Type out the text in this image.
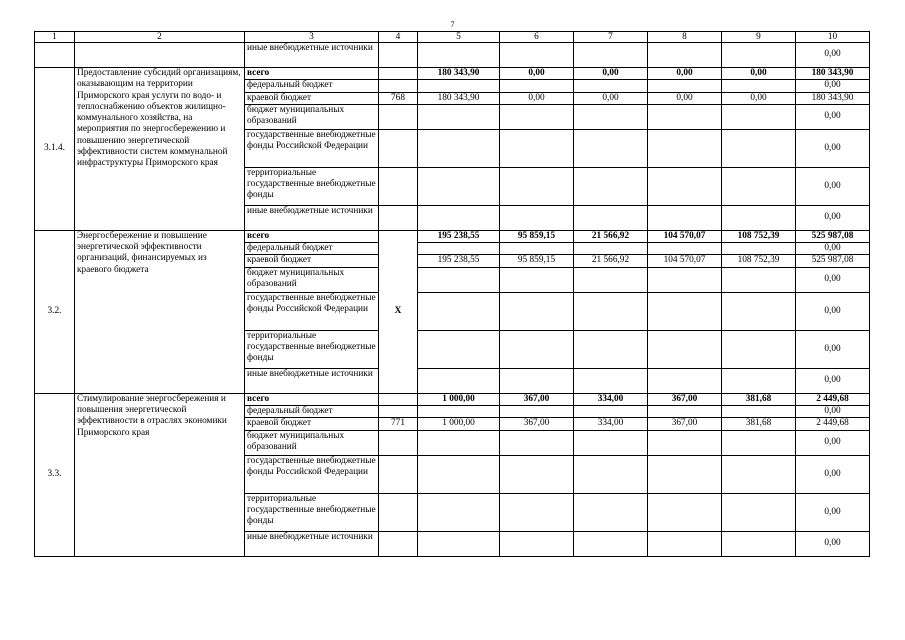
7
1	2	3	4	5	6	7	8	9	10
		иные внебюджетные источники							0,00
3.1.4.	Предоставление субсидий организациям, оказывающим на территории Приморского края услуги по водо- и теплоснабжению объектов жилищно-коммунального хозяйства, на мероприятия по энергосбережению и повышению энергетической эффективности систем коммунальной инфраструктуры Приморского края	всего		180 343,90	0,00	0,00	0,00	0,00	180 343,90
		федеральный бюджет							0,00
		краевой бюджет	768	180 343,90	0,00	0,00	0,00	0,00	180 343,90
		бюджет муниципальных образований							0,00
		государственные внебюджетные фонды Российской Федерации							0,00
		территориальные государственные внебюджетные фонды							0,00
		иные внебюджетные источники							0,00
3.2.	Энергосбережение и повышение энергетической эффективности организаций, финансируемых из краевого бюджета	всего	Х	195 238,55	95 859,15	21 566,92	104 570,07	108 752,39	525 987,08
		федеральный бюджет							0,00
		краевой бюджет		195 238,55	95 859,15	21 566,92	104 570,07	108 752,39	525 987,08
		бюджет муниципальных образований							0,00
		государственные внебюджетные фонды Российской Федерации							0,00
		территориальные государственные внебюджетные фонды							0,00
		иные внебюджетные источники							0,00
3.3.	Стимулирование энергосбережения и повышения энергетической эффективности в отраслях экономики Приморского края	всего		1 000,00	367,00	334,00	367,00	381,68	2 449,68
		федеральный бюджет							0,00
		краевой бюджет	771	1 000,00	367,00	334,00	367,00	381,68	2 449,68
		бюджет муниципальных образований							0,00
		государственные внебюджетные фонды Российской Федерации							0,00
		территориальные государственные внебюджетные фонды							0,00
		иные внебюджетные источники							0,00
